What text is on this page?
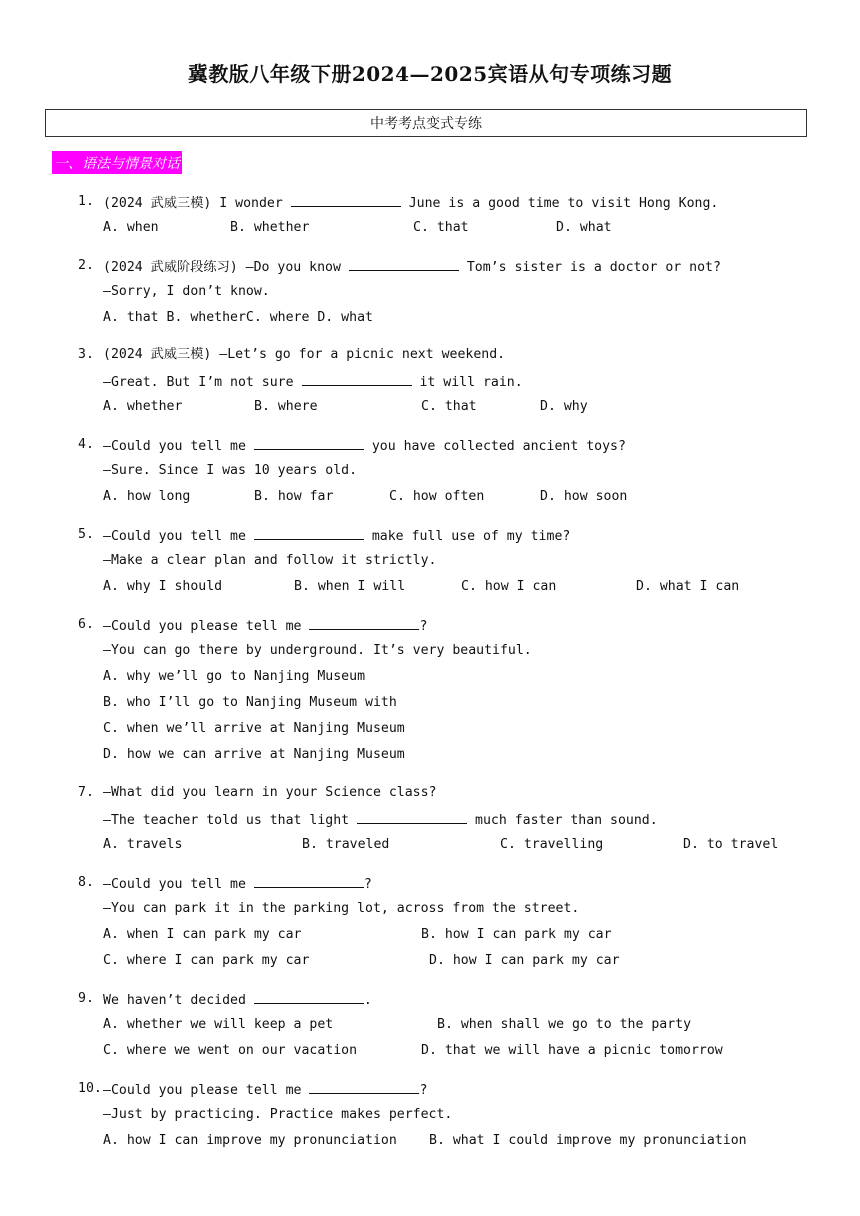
冀教版八年级下册2024—2025宾语从句专项练习题
中考考点变式专练
一、语法与情景对话
1. (2024 武威三模) I wonder	June is a good time to visit Hong Kong.
A. when	B. whether	C. that	D. what
2. (2024 武威阶段练习) —Do you know	Tom’s sister is a doctor or not?
—Sorry, I don’t know.
A. that B. whetherC. where D. what
3. (2024 武威三模) —Let’s go for a picnic next weekend.
—Great. But I’m not sure	it will rain.
A. whether	B. where	C. that	D. why
4. —Could you tell me	you have collected ancient toys?
—Sure. Since I was 10 years old.
A. how long	B. how far	C. how often	D. how soon
5. —Could you tell me	make full use of my time?
—Make a clear plan and follow it strictly.
A. why I should	B. when I will	C. how I can	D. what I can
6. —Could you please tell me	?
—You can go there by underground. It’s very beautiful.
A. why we’ll go to Nanjing Museum
B. who I’ll go to Nanjing Museum with
C. when we’ll arrive at Nanjing Museum
D. how we can arrive at Nanjing Museum
7. —What did you learn in your Science class?
—The teacher told us that light	much faster than sound.
A. travels	B. traveled	C. travelling	D. to travel
8. —Could you tell me	?
—You can park it in the parking lot, across from the street.
A. when I can park my car	B. how I can park my car
C. where I can park my car	D. how I can park my car
9. We haven’t decided	.
A. whether we will keep a pet	B. when shall we go to the party
C. where we went on our vacation	D. that we will have a picnic tomorrow
10. —Could you please tell me	?
—Just by practicing. Practice makes perfect.
A. how I can improve my pronunciation B. what I could improve my pronunciation
